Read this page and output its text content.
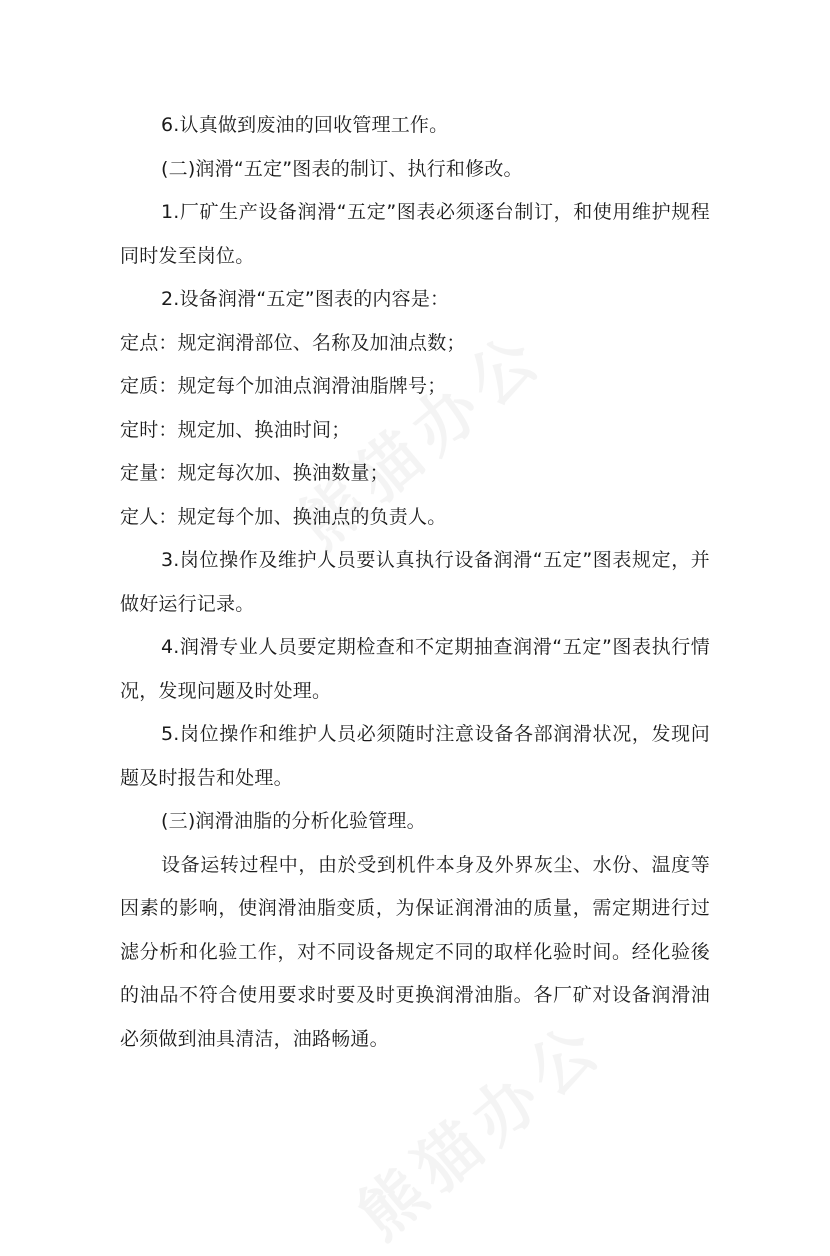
6.认真做到废油的回收管理工作。

(二)润滑“五定”图表的制订、执行和修改。

1.厂矿生产设备润滑“五定”图表必须逐台制订，和使用维护规程同时发至岗位。

2.设备润滑“五定”图表的内容是：

定点：规定润滑部位、名称及加油点数；

定质：规定每个加油点润滑油脂牌号；

定时：规定加、换油时间；

定量：规定每次加、换油数量；

定人：规定每个加、换油点的负责人。

3.岗位操作及维护人员要认真执行设备润滑“五定”图表规定，并做好运行记录。

4.润滑专业人员要定期检查和不定期抽查润滑“五定”图表执行情况，发现问题及时处理。

5.岗位操作和维护人员必须随时注意设备各部润滑状况，发现问题及时报告和处理。

(三)润滑油脂的分析化验管理。

设备运转过程中，由於受到机件本身及外界灰尘、水份、温度等因素的影响，使润滑油脂变质，为保证润滑油的质量，需定期进行过滤分析和化验工作，对不同设备规定不同的取样化验时间。经化验後的油品不符合使用要求时要及时更换润滑油脂。各厂矿对设备润滑油必须做到油具清洁，油路畅通。
